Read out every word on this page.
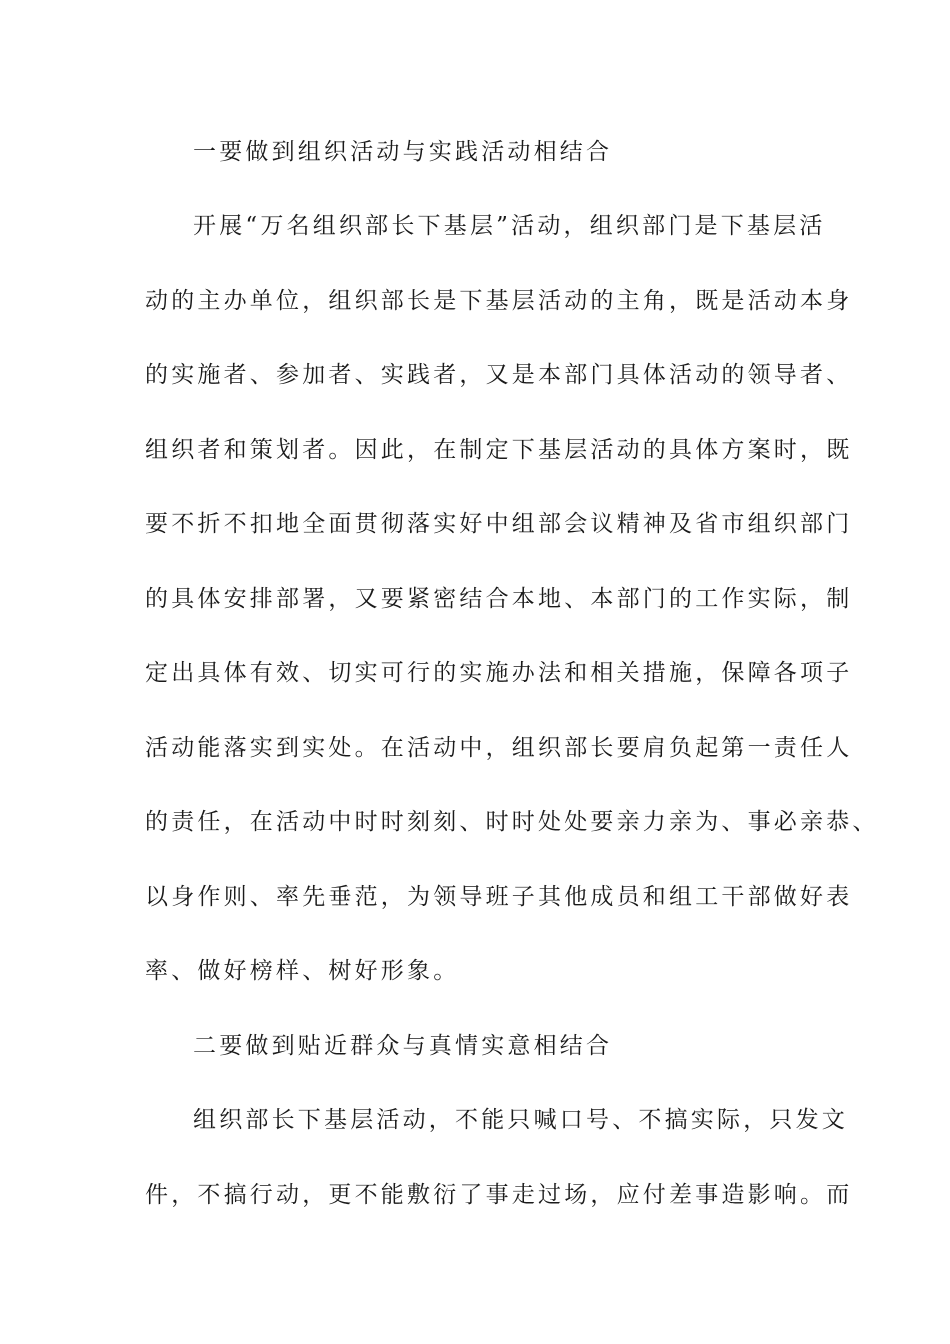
一要做到组织活动与实践活动相结合
开展“万名组织部长下基层”活动，组织部门是下基层活
动的主办单位，组织部长是下基层活动的主角，既是活动本身
的实施者、参加者、实践者，又是本部门具体活动的领导者、
组织者和策划者。因此，在制定下基层活动的具体方案时，既
要不折不扣地全面贯彻落实好中组部会议精神及省市组织部门
的具体安排部署，又要紧密结合本地、本部门的工作实际，制
定出具体有效、切实可行的实施办法和相关措施，保障各项子
活动能落实到实处。在活动中，组织部长要肩负起第一责任人
的责任，在活动中时时刻刻、时时处处要亲力亲为、事必亲恭、
以身作则、率先垂范，为领导班子其他成员和组工干部做好表
率、做好榜样、树好形象。
二要做到贴近群众与真情实意相结合
组织部长下基层活动，不能只喊口号、不搞实际，只发文
件，不搞行动，更不能敷衍了事走过场，应付差事造影响。而
